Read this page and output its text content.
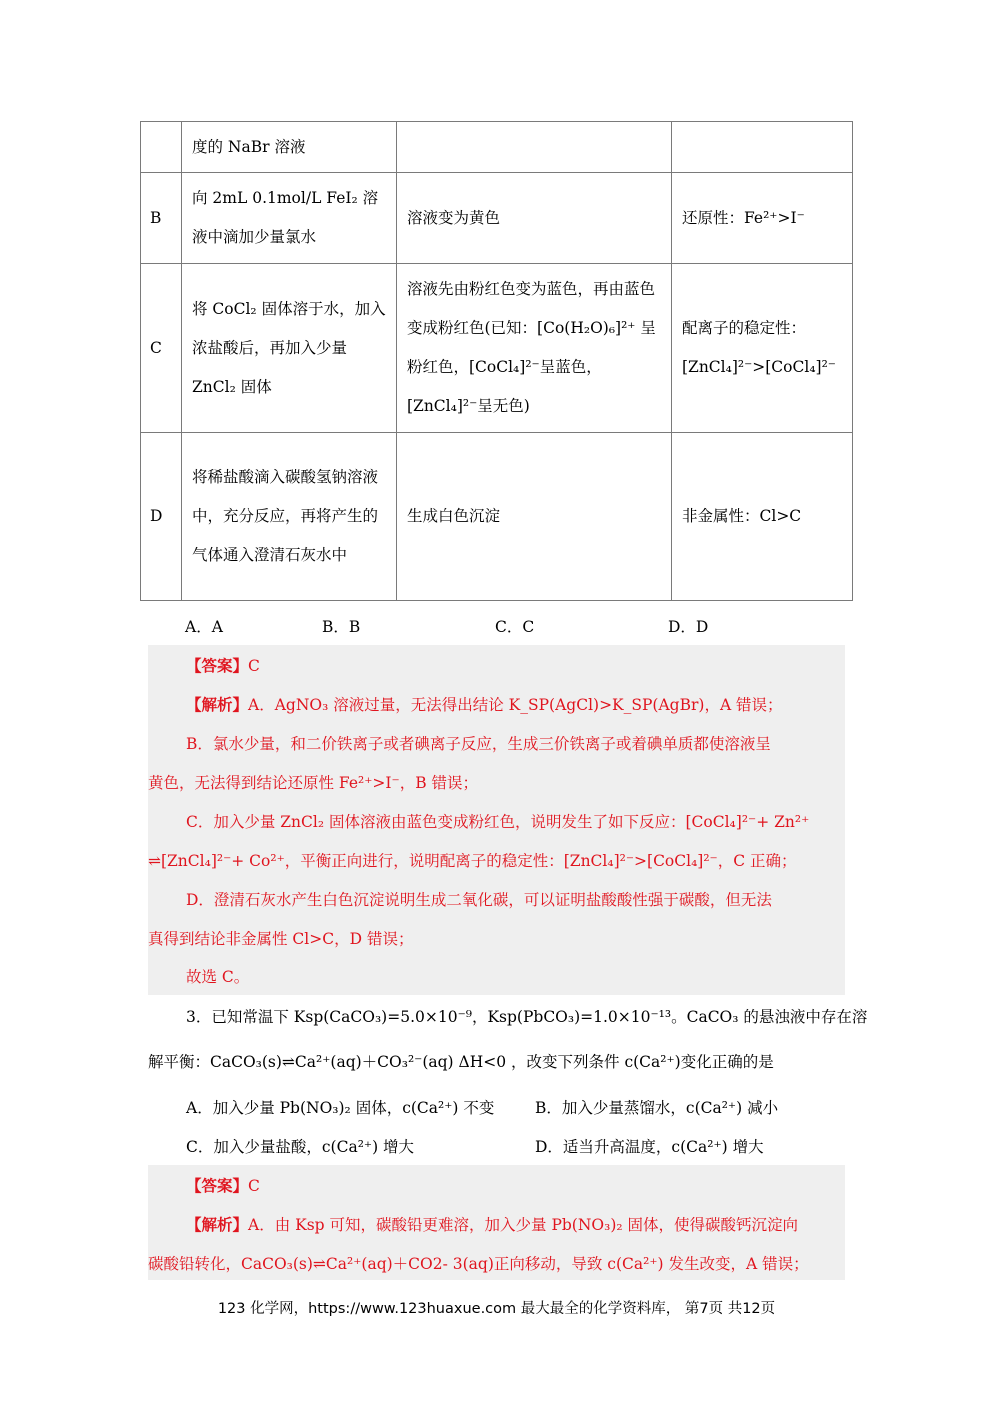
	度的 NaBr 溶液		
B	向 2mL 0.1mol/L FeI₂ 溶液中滴加少量氯水	溶液变为黄色	还原性：Fe²⁺>I⁻
C	将 CoCl₂ 固体溶于水，加入浓盐酸后，再加入少量 ZnCl₂ 固体	溶液先由粉红色变为蓝色，再由蓝色变成粉红色(已知：[Co(H₂O)₆]²⁺ 呈粉红色，[CoCl₄]²⁻呈蓝色，[ZnCl₄]²⁻呈无色)	配离子的稳定性：[ZnCl₄]²⁻>[CoCl₄]²⁻
D	将稀盐酸滴入碳酸氢钠溶液中，充分反应，再将产生的气体通入澄清石灰水中	生成白色沉淀	非金属性：Cl>C
A．A	B．B	C．C	D．D
【答案】C
【解析】A．AgNO₃ 溶液过量，无法得出结论 K_SP(AgCl)>K_SP(AgBr)，A 错误；
B．氯水少量，和二价铁离子或者碘离子反应，生成三价铁离子或着碘单质都使溶液呈
黄色，无法得到结论还原性 Fe²⁺>I⁻，B 错误；
C．加入少量 ZnCl₂ 固体溶液由蓝色变成粉红色，说明发生了如下反应：[CoCl₄]²⁻+ Zn²⁺
⇌[ZnCl₄]²⁻+ Co²⁺，平衡正向进行，说明配离子的稳定性：[ZnCl₄]²⁻>[CoCl₄]²⁻，C 正确；
D．澄清石灰水产生白色沉淀说明生成二氧化碳，可以证明盐酸酸性强于碳酸，但无法
真得到结论非金属性 Cl>C，D 错误；
故选 C。
3．已知常温下 Ksp(CaCO₃)=5.0×10⁻⁹，Ksp(PbCO₃)=1.0×10⁻¹³。CaCO₃ 的悬浊液中存在溶
解平衡：CaCO₃(s)⇌Ca²⁺(aq)＋CO₃²⁻(aq) ΔH<0 ，改变下列条件 c(Ca²⁺)变化正确的是
A．加入少量 Pb(NO₃)₂ 固体，c(Ca²⁺) 不变	B．加入少量蒸馏水，c(Ca²⁺) 减小
C．加入少量盐酸，c(Ca²⁺) 增大	D．适当升高温度，c(Ca²⁺) 增大
【答案】C
【解析】A．由 Ksp 可知，碳酸铅更难溶，加入少量 Pb(NO₃)₂ 固体，使得碳酸钙沉淀向
碳酸铅转化，CaCO₃(s)⇌Ca²⁺(aq)＋CO2- 3(aq)正向移动，导致 c(Ca²⁺) 发生改变，A 错误；
123 化学网，https://www.123huaxue.com 最大最全的化学资料库， 第7页 共12页
